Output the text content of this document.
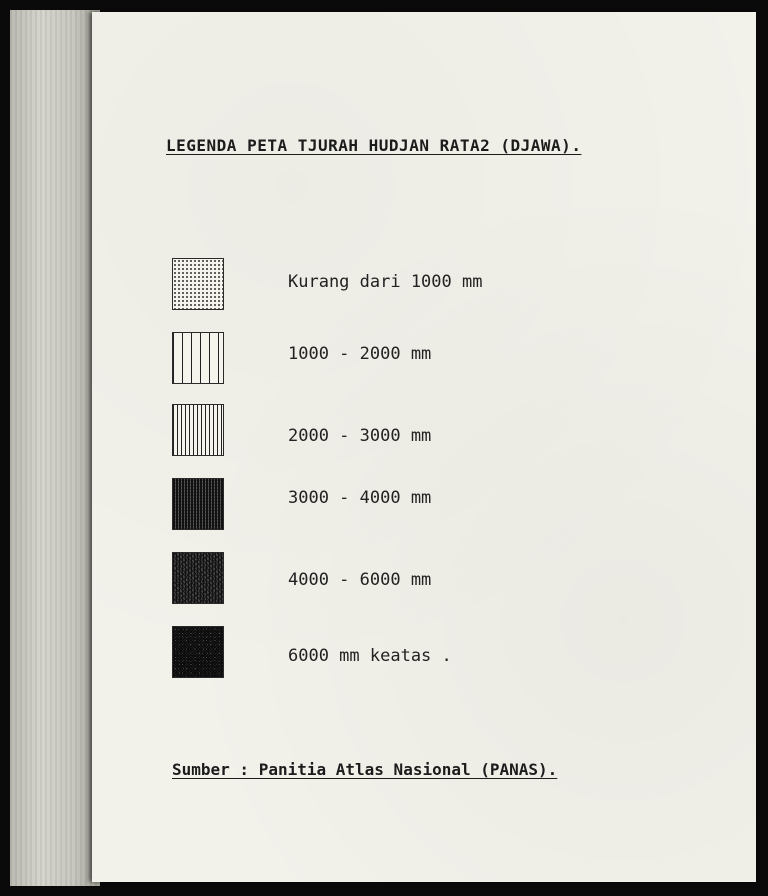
LEGENDA PETA TJURAH HUDJAN RATA2 (DJAWA).
Kurang dari 1000 mm
1000 - 2000 mm
2000 - 3000 mm
3000 - 4000 mm
4000 - 6000 mm
6000 mm keatas .
Sumber : Panitia Atlas Nasional (PANAS).
